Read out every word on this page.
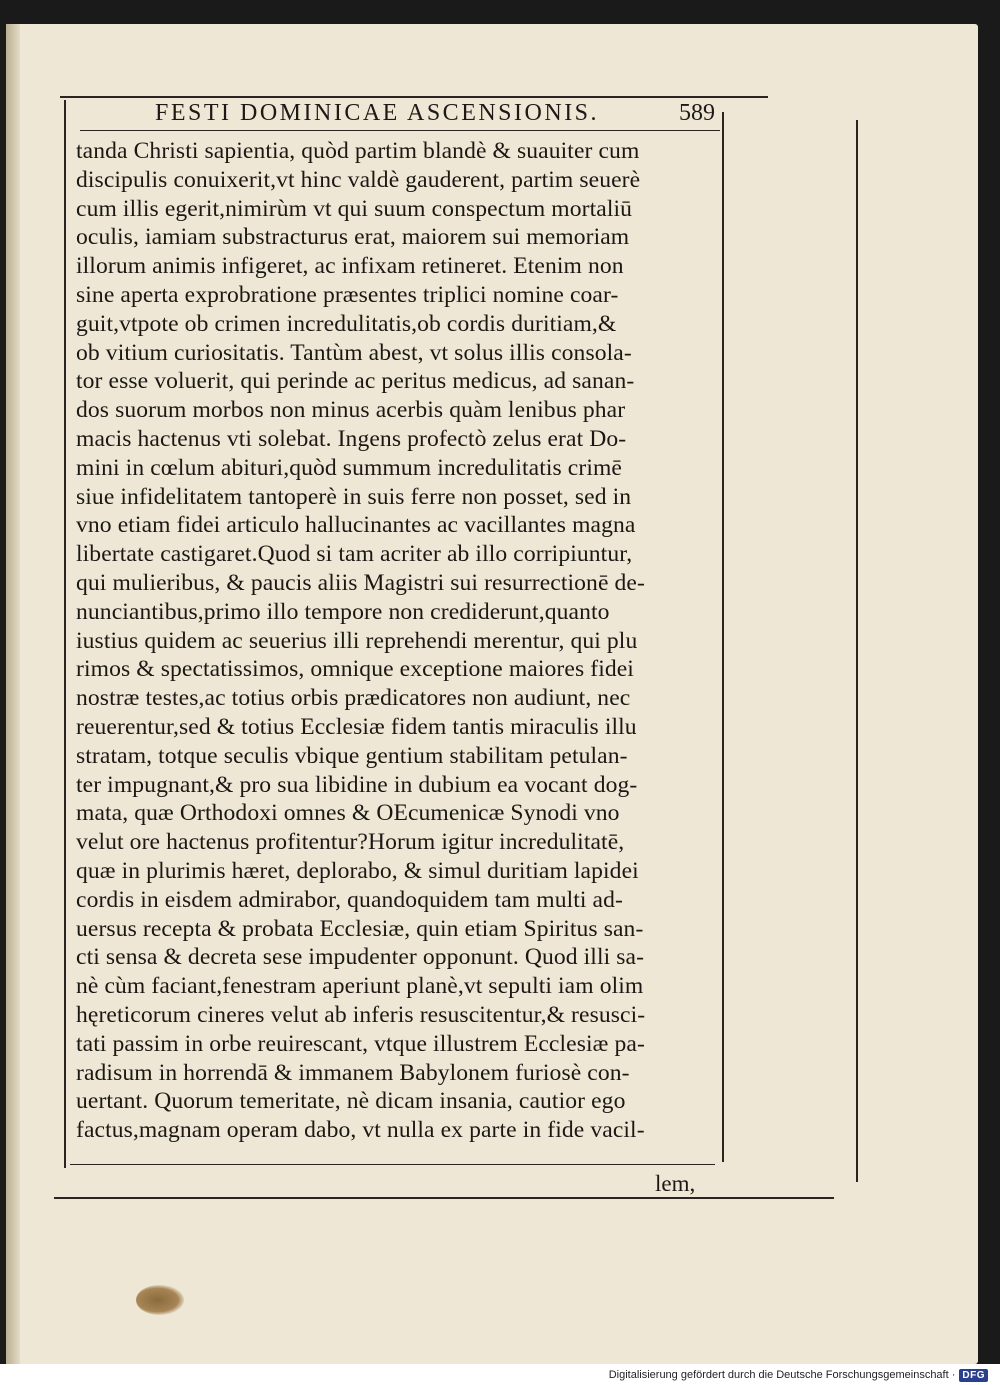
FESTI DOMINICAE ASCENSIONIS.	589
tanda Christi sapientia, quòd partim blandè & suauiter cum
discipulis conuixerit,vt hinc valdè gauderent, partim seuerè
cum illis egerit,nimirùm vt qui suum conspectum mortaliū
oculis, iamiam substracturus erat, maiorem sui memoriam
illorum animis infigeret, ac infixam retineret. Etenim non
sine aperta exprobratione præsentes triplici nomine coar-
guit,vtpote ob crimen incredulitatis,ob cordis duritiam,&
ob vitium curiositatis. Tantùm abest, vt solus illis consola-
tor esse voluerit, qui perinde ac peritus medicus, ad sanan-
dos suorum morbos non minus acerbis quàm lenibus phar
macis hactenus vti solebat. Ingens profectò zelus erat Do-
mini in cœlum abituri,quòd summum incredulitatis crimē
siue infidelitatem tantoperè in suis ferre non posset, sed in
vno etiam fidei articulo hallucinantes ac vacillantes magna
libertate castigaret.Quod si tam acriter ab illo corripiuntur,
qui mulieribus, & paucis aliis Magistri sui resurrectionē de-
nunciantibus,primo illo tempore non crediderunt,quanto
iustius quidem ac seuerius illi reprehendi merentur, qui plu
rimos & spectatissimos, omnique exceptione maiores fidei
nostræ testes,ac totius orbis prædicatores non audiunt, nec
reuerentur,sed & totius Ecclesiæ fidem tantis miraculis illu
stratam, totque seculis vbique gentium stabilitam petulan-
ter impugnant,& pro sua libidine in dubium ea vocant dog-
mata, quæ Orthodoxi omnes & OEcumenicæ Synodi vno
velut ore hactenus profitentur?Horum igitur incredulitatē,
quæ in plurimis hæret, deplorabo, & simul duritiam lapidei
cordis in eisdem admirabor, quandoquidem tam multi ad-
uersus recepta & probata Ecclesiæ, quin etiam Spiritus san-
cti sensa & decreta sese impudenter opponunt. Quod illi sa-
nè cùm faciant,fenestram aperiunt planè,vt sepulti iam olim
hęreticorum cineres velut ab inferis resuscitentur,& resusci-
tati passim in orbe reuirescant, vtque illustrem Ecclesiæ pa-
radisum in horrendā & immanem Babylonem furiosè con-
uertant. Quorum temeritate, nè dicam insania, cautior ego
factus,magnam operam dabo, vt nulla ex parte in fide vacil-
lem,
Digitalisierung gefördert durch die Deutsche Forschungsgemeinschaft · DFG
